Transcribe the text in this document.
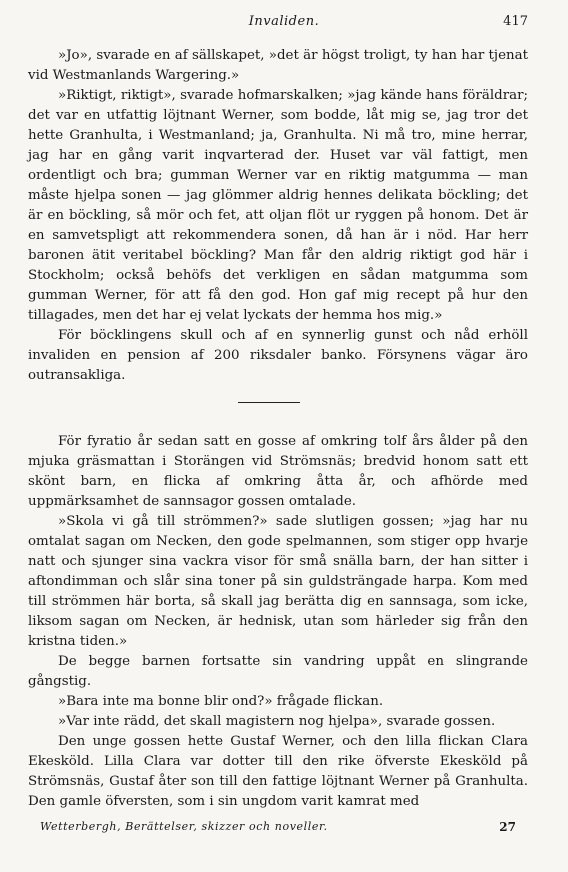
Invaliden.	417

»Jo», svarade en af sällskapet, »det är högst troligt, ty han har tjenat vid Westmanlands Wargering.»

»Riktigt, riktigt», svarade hofmarskalken; »jag kände hans föräldrar; det var en utfattig löjtnant Werner, som bodde, låt mig se, jag tror det hette Granhulta, i Westmanland; ja, Granhulta. Ni må tro, mine herrar, jag har en gång varit inqvarterad der. Huset var väl fattigt, men ordentligt och bra; gumman Werner var en riktig matgumma — man måste hjelpa sonen — jag glömmer aldrig hennes delikata böckling; det är en böckling, så mör och fet, att oljan flöt ur ryggen på honom. Det är en samvetspligt att rekommendera sonen, då han är i nöd. Har herr baronen ätit veritabel böckling? Man får den aldrig riktigt god här i Stockholm; också behöfs det verkligen en sådan matgumma som gumman Werner, för att få den god. Hon gaf mig recept på hur den tillagades, men det har ej velat lyckats der hemma hos mig.»

För böcklingens skull och af en synnerlig gunst och nåd erhöll invaliden en pension af 200 riksdaler banko. Försynens vägar äro outransakliga.

För fyratio år sedan satt en gosse af omkring tolf års ålder på den mjuka gräsmattan i Storängen vid Strömsnäs; bredvid honom satt ett skönt barn, en flicka af omkring åtta år, och afhörde med uppmärksamhet de sannsagor gossen omtalade.

»Skola vi gå till strömmen?» sade slutligen gossen; »jag har nu omtalat sagan om Necken, den gode spelmannen, som stiger opp hvarje natt och sjunger sina vackra visor för små snälla barn, der han sitter i aftondimman och slår sina toner på sin guldsträngade harpa. Kom med till strömmen här borta, så skall jag berätta dig en sannsaga, som icke, liksom sagan om Necken, är hednisk, utan som härleder sig från den kristna tiden.»

De begge barnen fortsatte sin vandring uppåt en slingrande gångstig.

»Bara inte ma bonne blir ond?» frågade flickan.

»Var inte rädd, det skall magistern nog hjelpa», svarade gossen.

Den unge gossen hette Gustaf Werner, och den lilla flickan Clara Ekesköld. Lilla Clara var dotter till den rike öfverste Ekesköld på Strömsnäs, Gustaf åter son till den fattige löjtnant Werner på Granhulta. Den gamle öfversten, som i sin ungdom varit kamrat med

Wetterbergh, Berättelser, skizzer och noveller.	27
